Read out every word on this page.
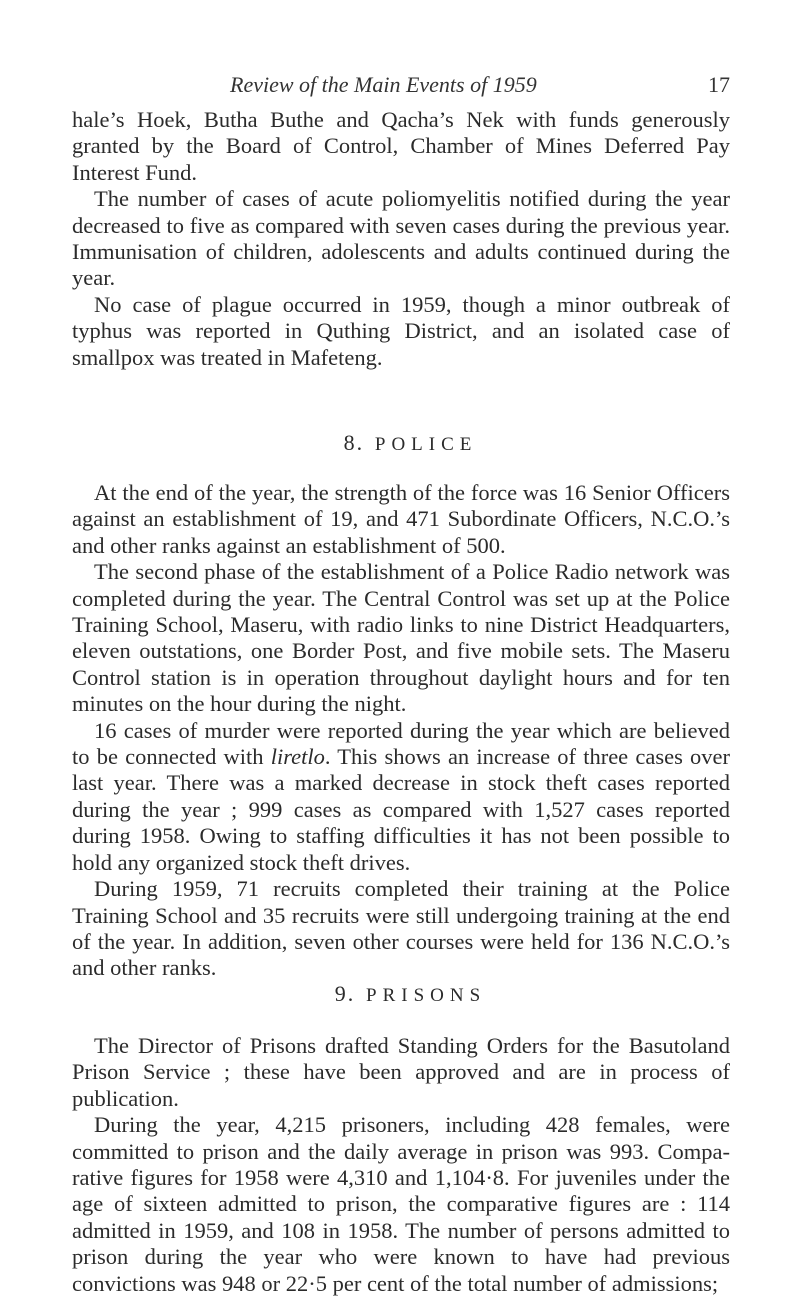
Review of the Main Events of 1959	17

hale’s Hoek, Butha Buthe and Qacha’s Nek with funds generously granted by the Board of Control, Chamber of Mines Deferred Pay Interest Fund.

The number of cases of acute poliomyelitis notified during the year decreased to five as compared with seven cases during the previous year. Immunisation of children, adolescents and adults continued during the year.

No case of plague occurred in 1959, though a minor outbreak of typhus was reported in Quthing District, and an isolated case of smallpox was treated in Mafeteng.

8. POLICE

At the end of the year, the strength of the force was 16 Senior Officers against an establishment of 19, and 471 Subordinate Officers, N.C.O.’s and other ranks against an establishment of 500.

The second phase of the establishment of a Police Radio network was completed during the year. The Central Control was set up at the Police Training School, Maseru, with radio links to nine District Headquarters, eleven outstations, one Border Post, and five mobile sets. The Maseru Control station is in operation throughout daylight hours and for ten minutes on the hour during the night.

16 cases of murder were reported during the year which are believed to be connected with liretlo. This shows an increase of three cases over last year. There was a marked decrease in stock theft cases reported during the year ; 999 cases as compared with 1,527 cases reported during 1958. Owing to staffing difficulties it has not been possible to hold any organized stock theft drives.

During 1959, 71 recruits completed their training at the Police Training School and 35 recruits were still undergoing training at the end of the year. In addition, seven other courses were held for 136 N.C.O.’s and other ranks.

9. PRISONS

The Director of Prisons drafted Standing Orders for the Basutoland Prison Service ; these have been approved and are in process of publication.

During the year, 4,215 prisoners, including 428 females, were committed to prison and the daily average in prison was 993. Comparative figures for 1958 were 4,310 and 1,104·8. For juveniles under the age of sixteen admitted to prison, the comparative figures are : 114 admitted in 1959, and 108 in 1958. The number of persons admitted to prison during the year who were known to have had previous convictions was 948 or 22·5 per cent of the total number of admissions;
